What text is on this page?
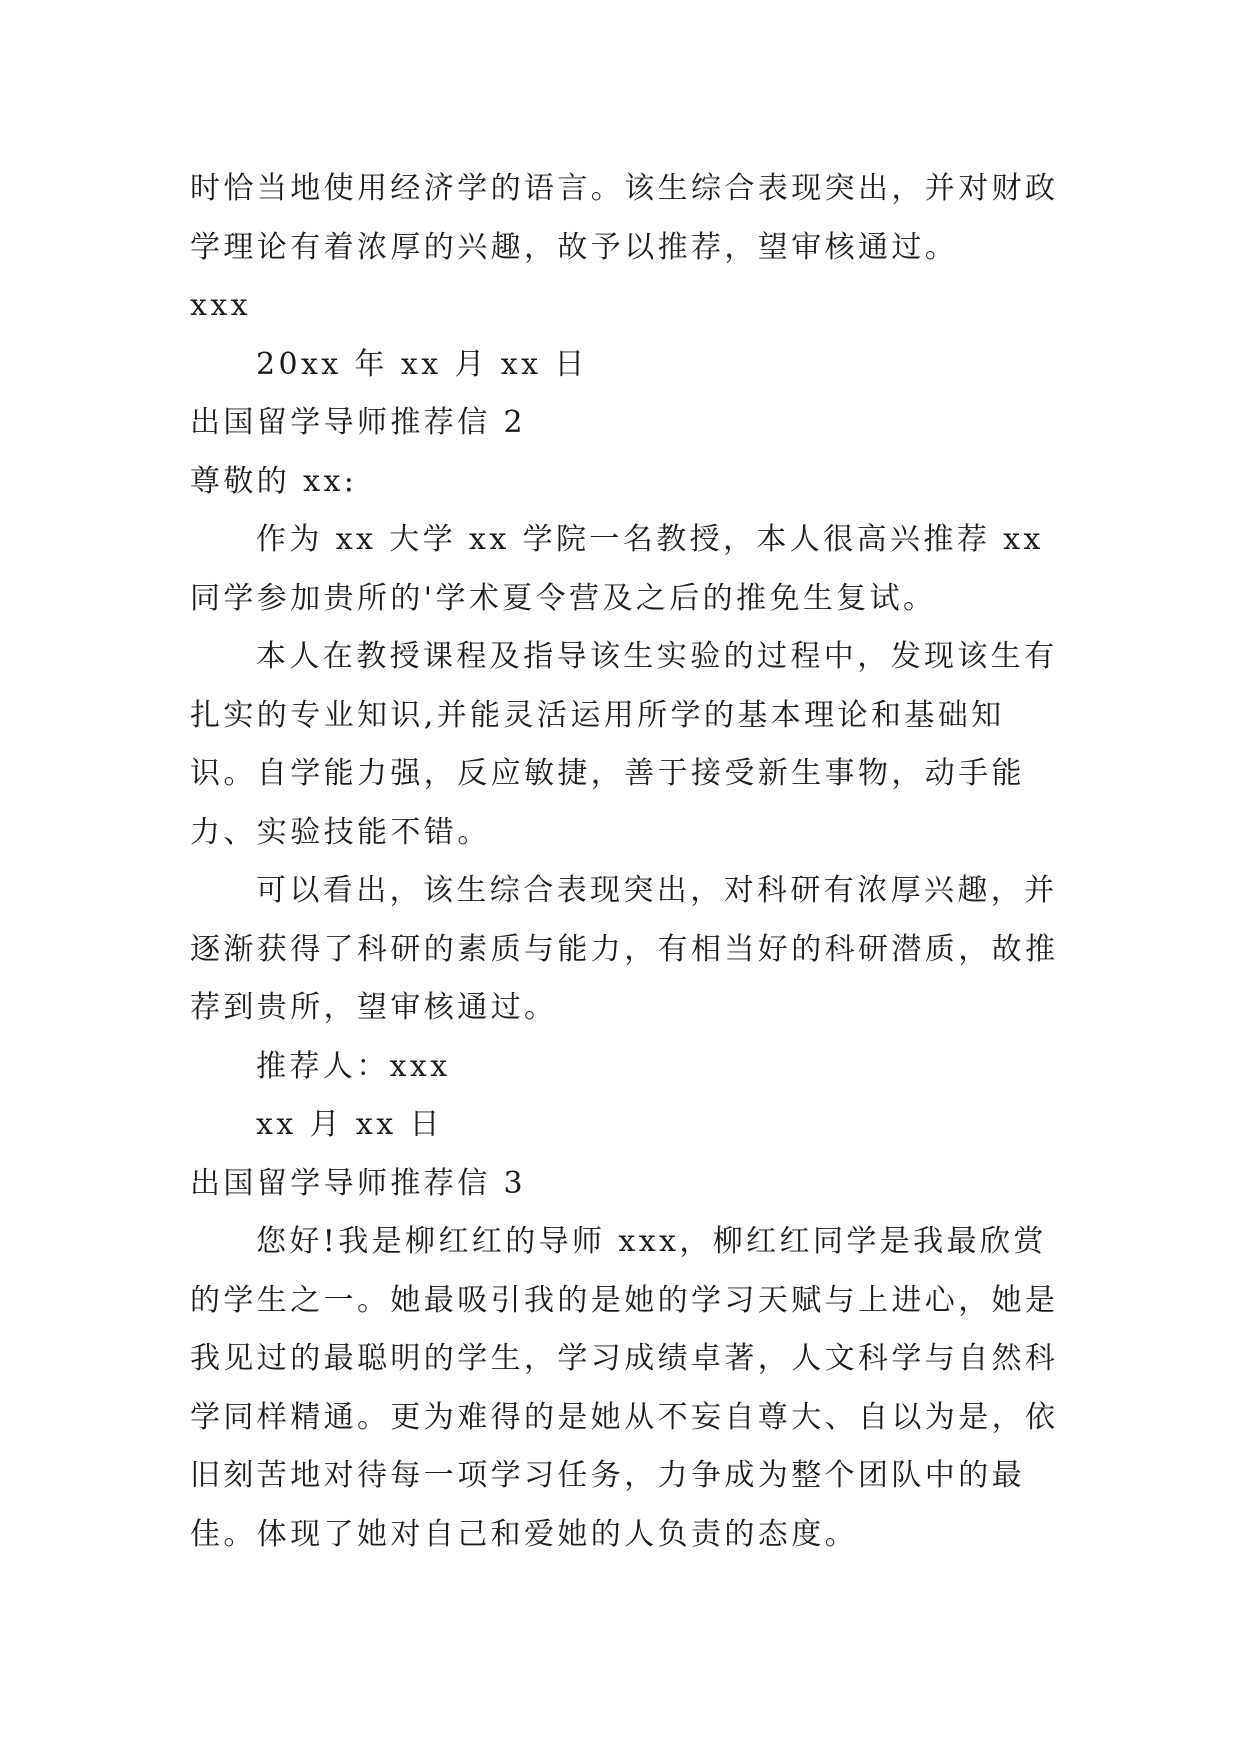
时恰当地使用经济学的语言。该生综合表现突出，并对财政学理论有着浓厚的兴趣，故予以推荐，望审核通过。

xxx

20xx 年 xx 月 xx 日

出国留学导师推荐信 2

尊敬的 xx:

作为 xx 大学 xx 学院一名教授，本人很高兴推荐 xx 同学参加贵所的'学术夏令营及之后的推免生复试。

本人在教授课程及指导该生实验的过程中，发现该生有扎实的专业知识,并能灵活运用所学的基本理论和基础知识。自学能力强，反应敏捷，善于接受新生事物，动手能力、实验技能不错。

可以看出，该生综合表现突出，对科研有浓厚兴趣，并逐渐获得了科研的素质与能力，有相当好的科研潜质，故推荐到贵所，望审核通过。

推荐人：xxx

xx 月 xx 日

出国留学导师推荐信 3

您好!我是柳红红的导师 xxx，柳红红同学是我最欣赏的学生之一。她最吸引我的是她的学习天赋与上进心，她是我见过的最聪明的学生，学习成绩卓著，人文科学与自然科学同样精通。更为难得的是她从不妄自尊大、自以为是，依旧刻苦地对待每一项学习任务，力争成为整个团队中的最佳。体现了她对自己和爱她的人负责的态度。
